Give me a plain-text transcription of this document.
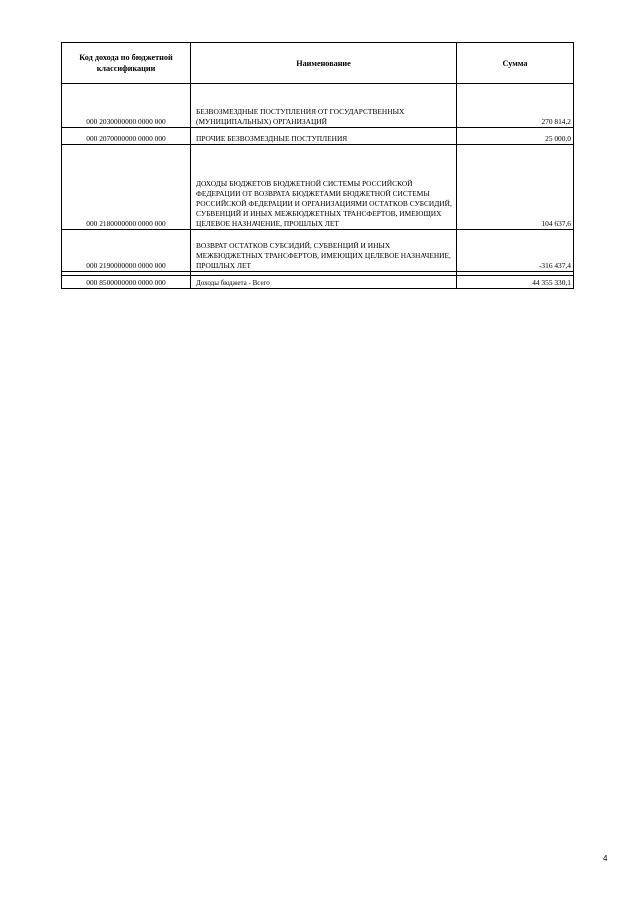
Код дохода по бюджетной классификации	Наименование	Сумма
000 2030000000 0000 000	БЕЗВОЗМЕЗДНЫЕ ПОСТУПЛЕНИЯ ОТ ГОСУДАРСТВЕННЫХ (МУНИЦИПАЛЬНЫХ) ОРГАНИЗАЦИЙ	270 814,2
000 2070000000 0000 000	ПРОЧИЕ БЕЗВОЗМЕЗДНЫЕ ПОСТУПЛЕНИЯ	25 000,0
000 2180000000 0000 000	ДОХОДЫ БЮДЖЕТОВ БЮДЖЕТНОЙ СИСТЕМЫ РОССИЙСКОЙ ФЕДЕРАЦИИ ОТ ВОЗВРАТА БЮДЖЕТАМИ БЮДЖЕТНОЙ СИСТЕМЫ РОССИЙСКОЙ ФЕДЕРАЦИИ И ОРГАНИЗАЦИЯМИ ОСТАТКОВ СУБСИДИЙ, СУБВЕНЦИЙ И ИНЫХ МЕЖБЮДЖЕТНЫХ ТРАНСФЕРТОВ, ИМЕЮЩИХ ЦЕЛЕВОЕ НАЗНАЧЕНИЕ, ПРОШЛЫХ ЛЕТ	104 637,6
000 2190000000 0000 000	ВОЗВРАТ ОСТАТКОВ СУБСИДИЙ, СУБВЕНЦИЙ И ИНЫХ МЕЖБЮДЖЕТНЫХ ТРАНСФЕРТОВ, ИМЕЮЩИХ ЦЕЛЕВОЕ НАЗНАЧЕНИЕ, ПРОШЛЫХ ЛЕТ	-316 437,4

000 8500000000 0000 000	Доходы бюджета - Всего	44 355 330,1
4
